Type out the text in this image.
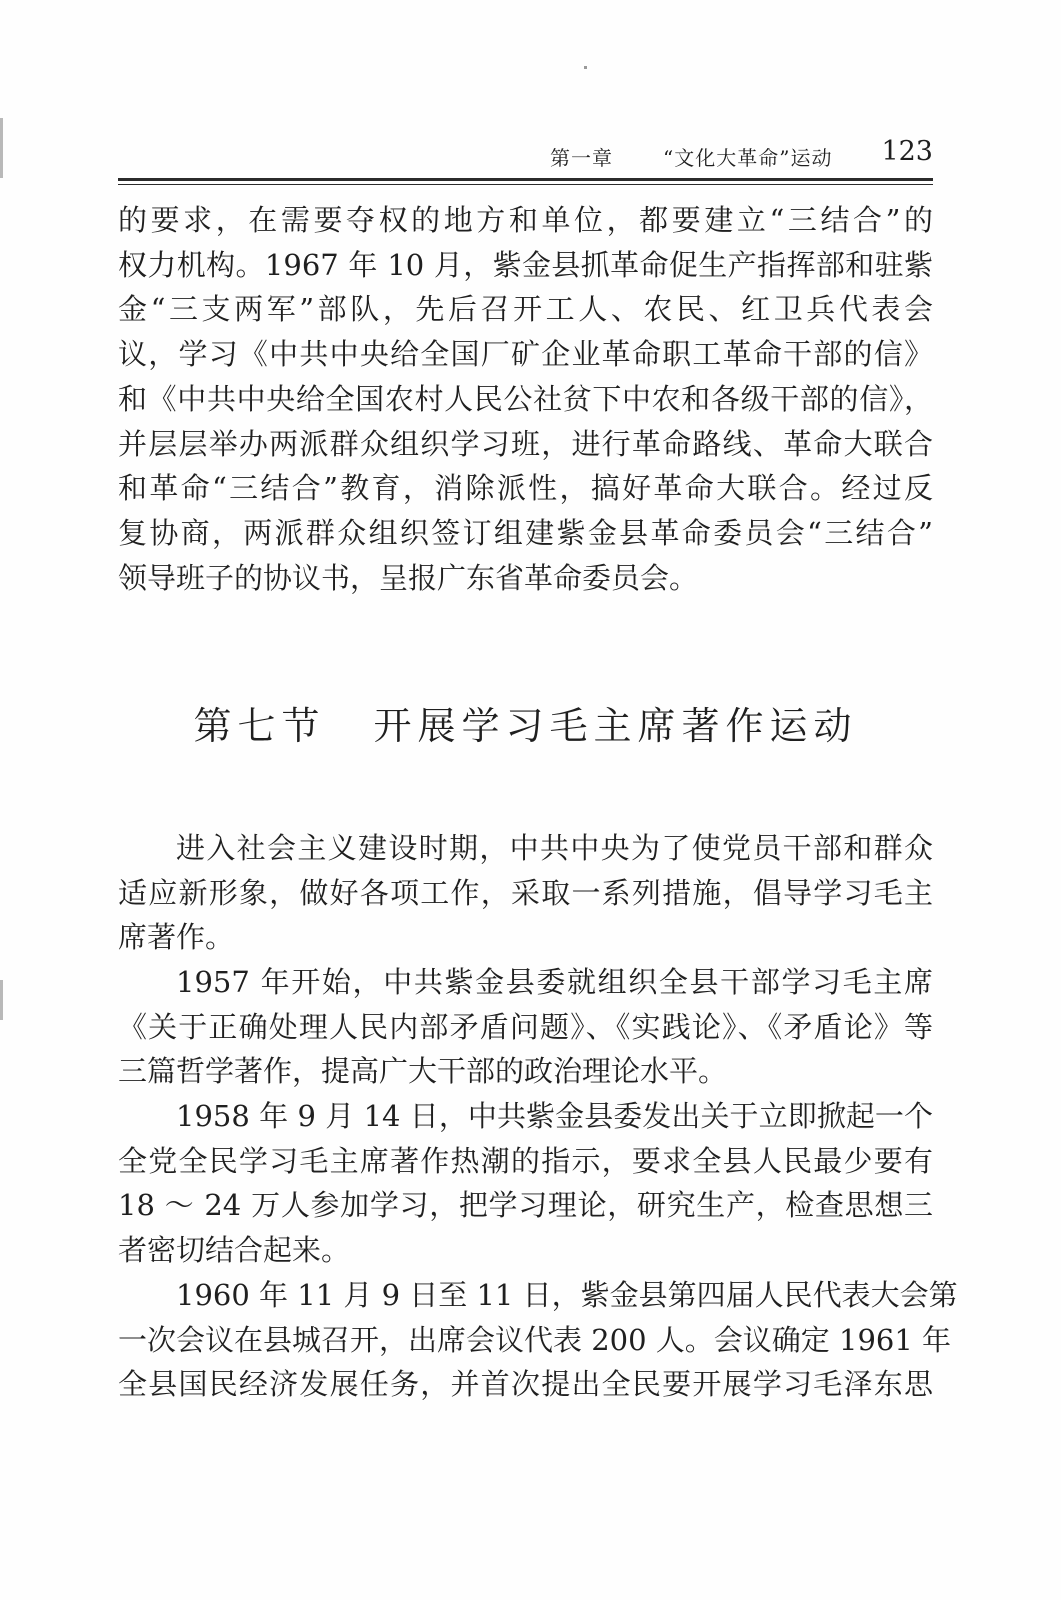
第一章	“文化大革命”运动 123

的要求，在需要夺权的地方和单位，都要建立“三结合”的
权力机构。1967 年 10 月，紫金县抓革命促生产指挥部和驻紫
金“三支两军”部队，先后召开工人、农民、红卫兵代表会
议，学习《中共中央给全国厂矿企业革命职工革命干部的信》
和《中共中央给全国农村人民公社贫下中农和各级干部的信》，
并层层举办两派群众组织学习班，进行革命路线、革命大联合
和革命“三结合”教育，消除派性，搞好革命大联合。经过反
复协商，两派群众组织签订组建紫金县革命委员会“三结合”
领导班子的协议书，呈报广东省革命委员会。

第七节 开展学习毛主席著作运动

进入社会主义建设时期，中共中央为了使党员干部和群众
适应新形象，做好各项工作，采取一系列措施，倡导学习毛主
席著作。

1957 年开始，中共紫金县委就组织全县干部学习毛主席
《关于正确处理人民内部矛盾问题》、《实践论》、《矛盾论》等
三篇哲学著作，提高广大干部的政治理论水平。

1958 年 9 月 14 日，中共紫金县委发出关于立即掀起一个
全党全民学习毛主席著作热潮的指示，要求全县人民最少要有
18 ～ 24 万人参加学习，把学习理论，研究生产，检查思想三
者密切结合起来。

1960 年 11 月 9 日至 11 日，紫金县第四届人民代表大会第
一次会议在县城召开，出席会议代表 200 人。会议确定 1961 年
全县国民经济发展任务，并首次提出全民要开展学习毛泽东思
